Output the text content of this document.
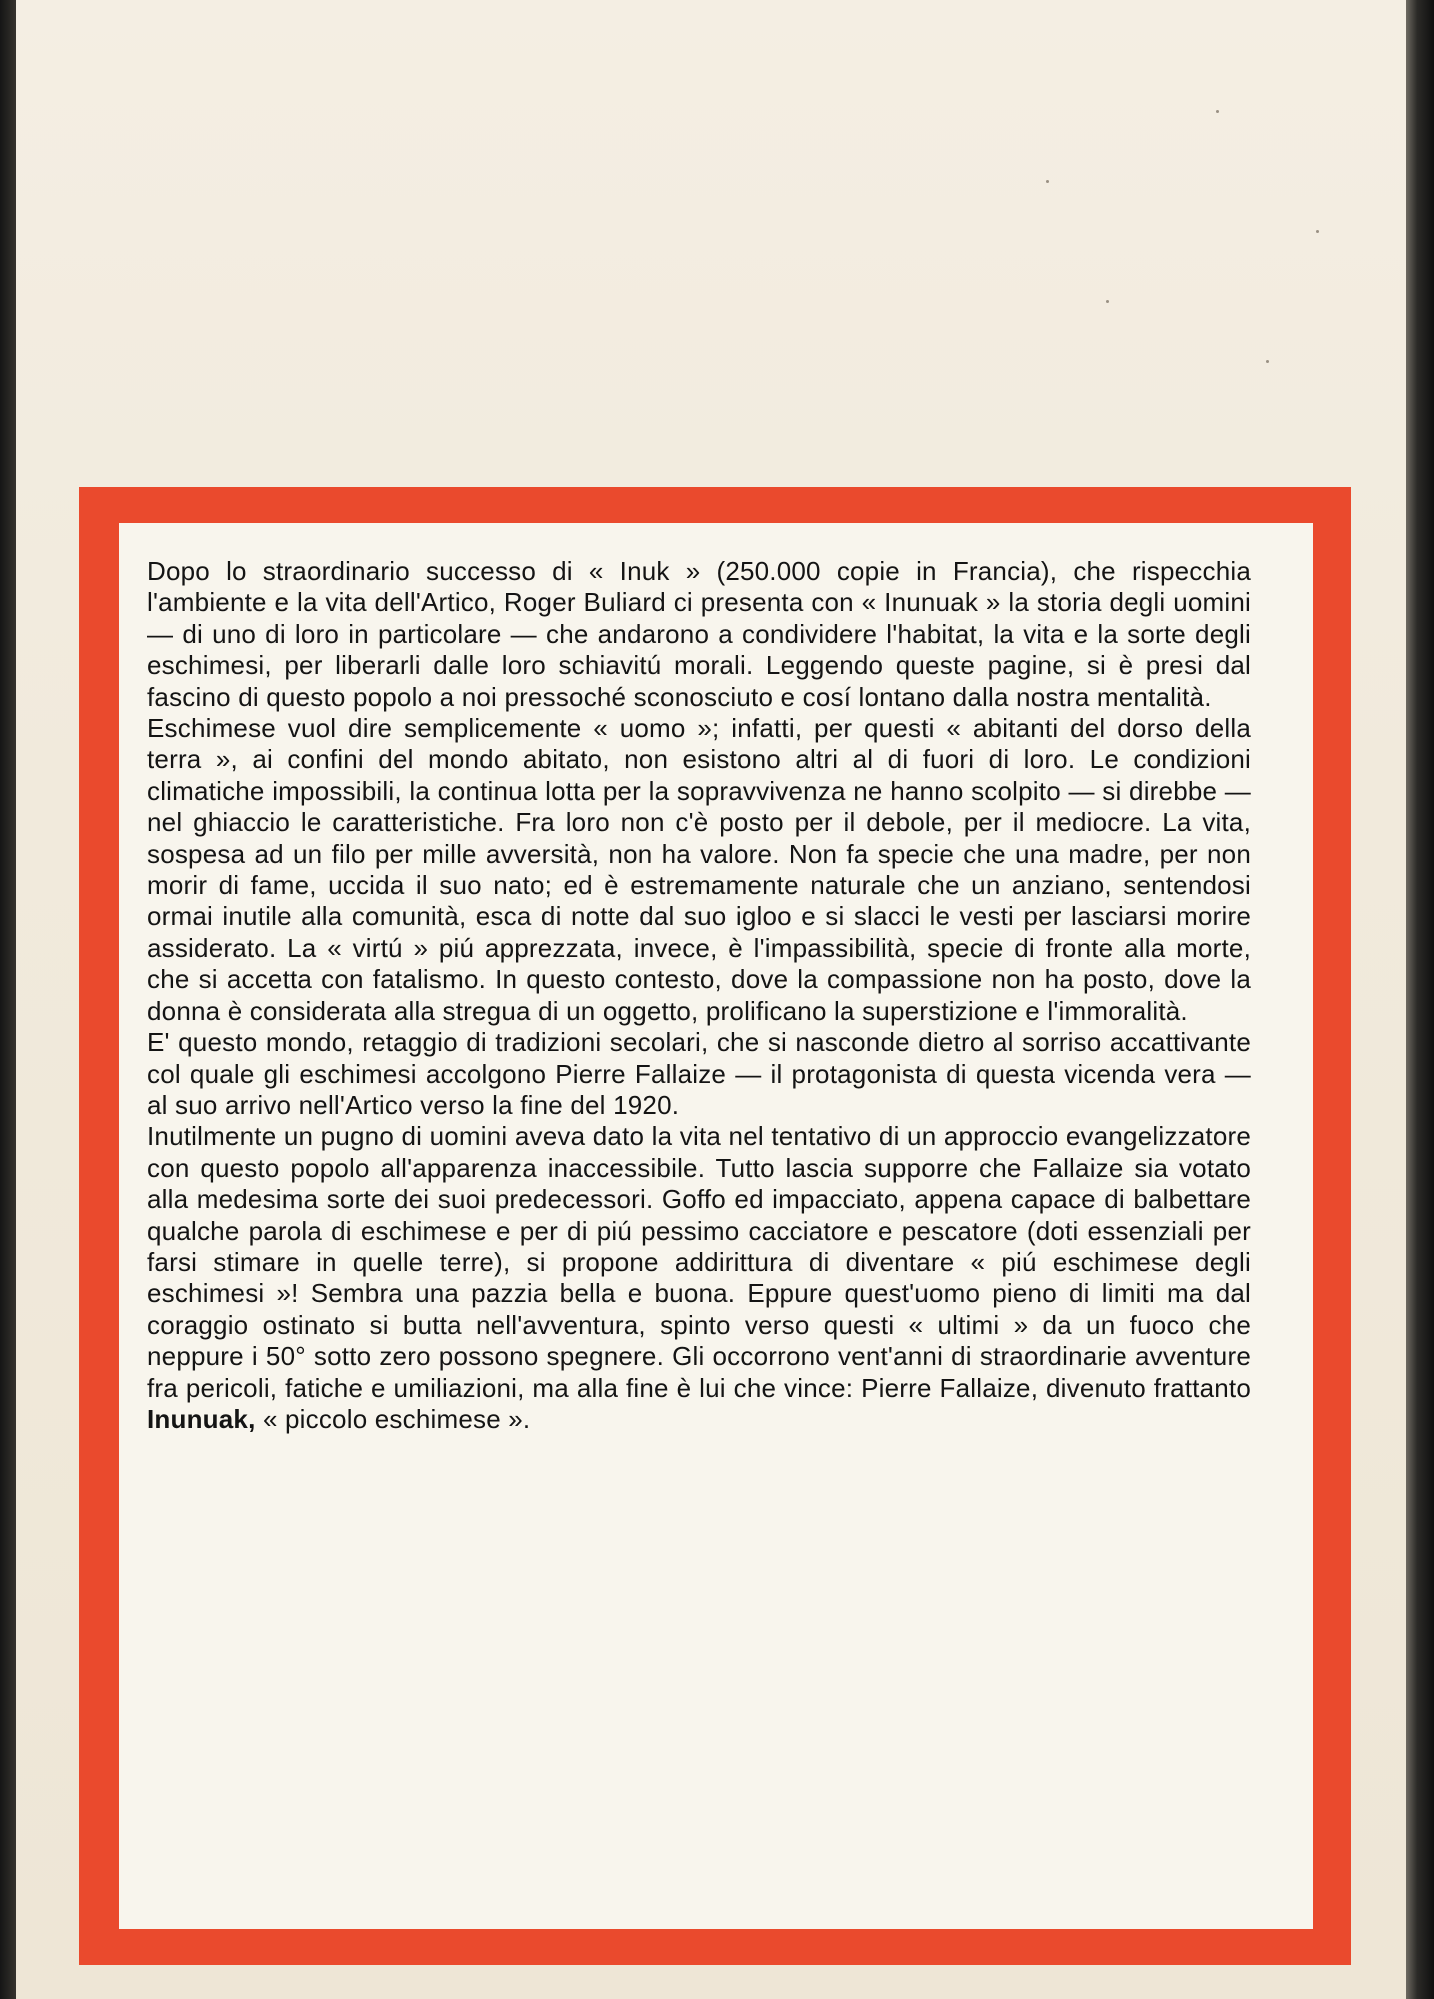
Dopo lo straordinario successo di « Inuk » (250.000 copie in Francia), che rispecchia l'ambiente e la vita dell'Artico, Roger Buliard ci presenta con « Inunuak » la storia degli uomini — di uno di loro in particolare — che andarono a condividere l'habitat, la vita e la sorte degli eschimesi, per liberarli dalle loro schiavitú morali. Leggendo queste pagine, si è presi dal fascino di questo popolo a noi pressoché sconosciuto e cosí lontano dalla nostra mentalità.

Eschimese vuol dire semplicemente « uomo »; infatti, per questi « abitanti del dorso della terra », ai confini del mondo abitato, non esistono altri al di fuori di loro. Le condizioni climatiche impossibili, la continua lotta per la sopravvivenza ne hanno scolpito — si direbbe — nel ghiaccio le caratteristiche. Fra loro non c'è posto per il debole, per il mediocre. La vita, sospesa ad un filo per mille avversità, non ha valore. Non fa specie che una madre, per non morir di fame, uccida il suo nato; ed è estremamente naturale che un anziano, sentendosi ormai inutile alla comunità, esca di notte dal suo igloo e si slacci le vesti per lasciarsi morire assiderato. La « virtú » piú apprezzata, invece, è l'impassibilità, specie di fronte alla morte, che si accetta con fatalismo. In questo contesto, dove la compassione non ha posto, dove la donna è considerata alla stregua di un oggetto, prolificano la superstizione e l'immoralità.

E' questo mondo, retaggio di tradizioni secolari, che si nasconde dietro al sorriso accattivante col quale gli eschimesi accolgono Pierre Fallaize — il protagonista di questa vicenda vera — al suo arrivo nell'Artico verso la fine del 1920.

Inutilmente un pugno di uomini aveva dato la vita nel tentativo di un approccio evangelizzatore con questo popolo all'apparenza inaccessibile. Tutto lascia supporre che Fallaize sia votato alla medesima sorte dei suoi predecessori. Goffo ed impacciato, appena capace di balbettare qualche parola di eschimese e per di piú pessimo cacciatore e pescatore (doti essenziali per farsi stimare in quelle terre), si propone addirittura di diventare « piú eschimese degli eschimesi »! Sembra una pazzia bella e buona. Eppure quest'uomo pieno di limiti ma dal coraggio ostinato si butta nell'avventura, spinto verso questi « ultimi » da un fuoco che neppure i 50° sotto zero possono spegnere. Gli occorrono vent'anni di straordinarie avventure fra pericoli, fatiche e umiliazioni, ma alla fine è lui che vince: Pierre Fallaize, divenuto frattanto Inunuak, « piccolo eschimese ».
